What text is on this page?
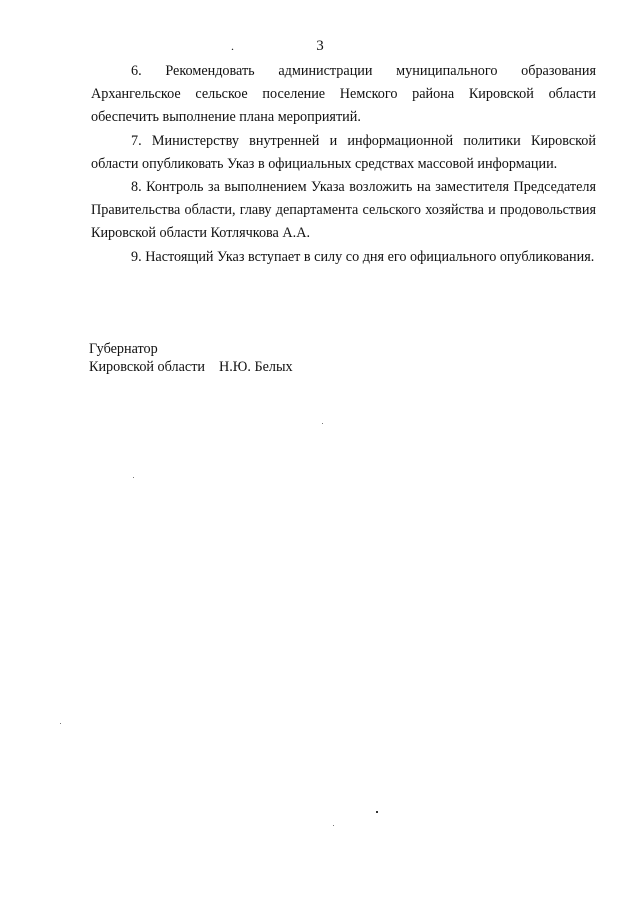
.	3

6. Рекомендовать администрации муниципального образования Архангельское сельское поселение Немского района Кировской области обеспечить выполнение плана мероприятий.

7. Министерству внутренней и информационной политики Кировской области опубликовать Указ в официальных средствах массовой информации.

8. Контроль за выполнением Указа возложить на заместителя Председателя Правительства области, главу департамента сельского хозяйства и продовольствия Кировской области Котлячкова А.А.

9. Настоящий Указ вступает в силу со дня его официального опубликования.

Губернатор
Кировской области Н.Ю. Белых
